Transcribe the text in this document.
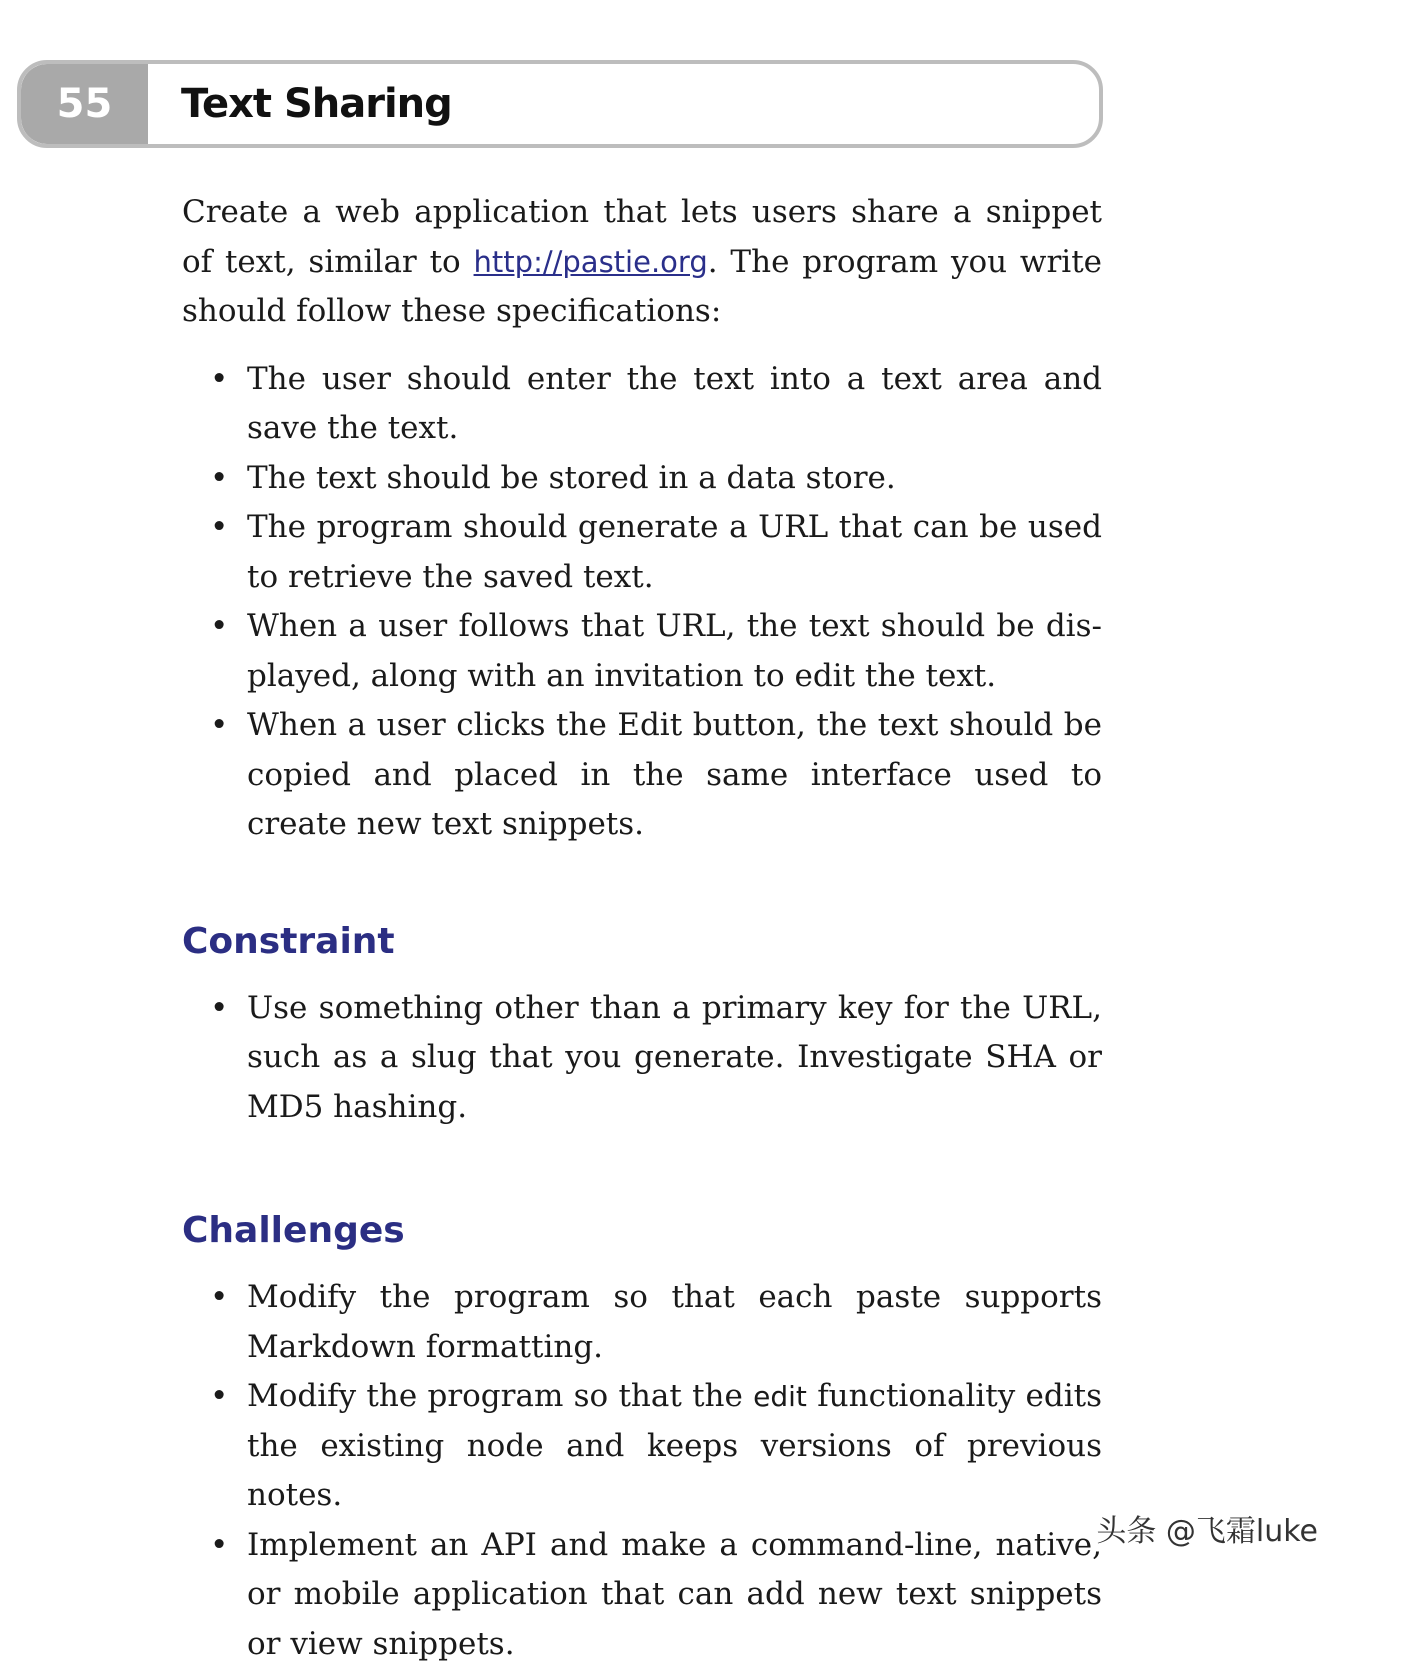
55	Text Sharing

Create a web application that lets users share a snippet of text, similar to http://pastie.org. The program you write should follow these specifications:

• The user should enter the text into a text area and save the text.
• The text should be stored in a data store.
• The program should generate a URL that can be used to retrieve the saved text.
• When a user follows that URL, the text should be displayed, along with an invitation to edit the text.
• When a user clicks the Edit button, the text should be copied and placed in the same interface used to create new text snippets.
Constraint
• Use something other than a primary key for the URL, such as a slug that you generate. Investigate SHA or MD5 hashing.
Challenges
• Modify the program so that each paste supports Markdown formatting.
• Modify the program so that the edit functionality edits the existing node and keeps versions of previous notes.
• Implement an API and make a command-line, native, or mobile application that can add new text snippets or view snippets.
头条 @飞霜luke
